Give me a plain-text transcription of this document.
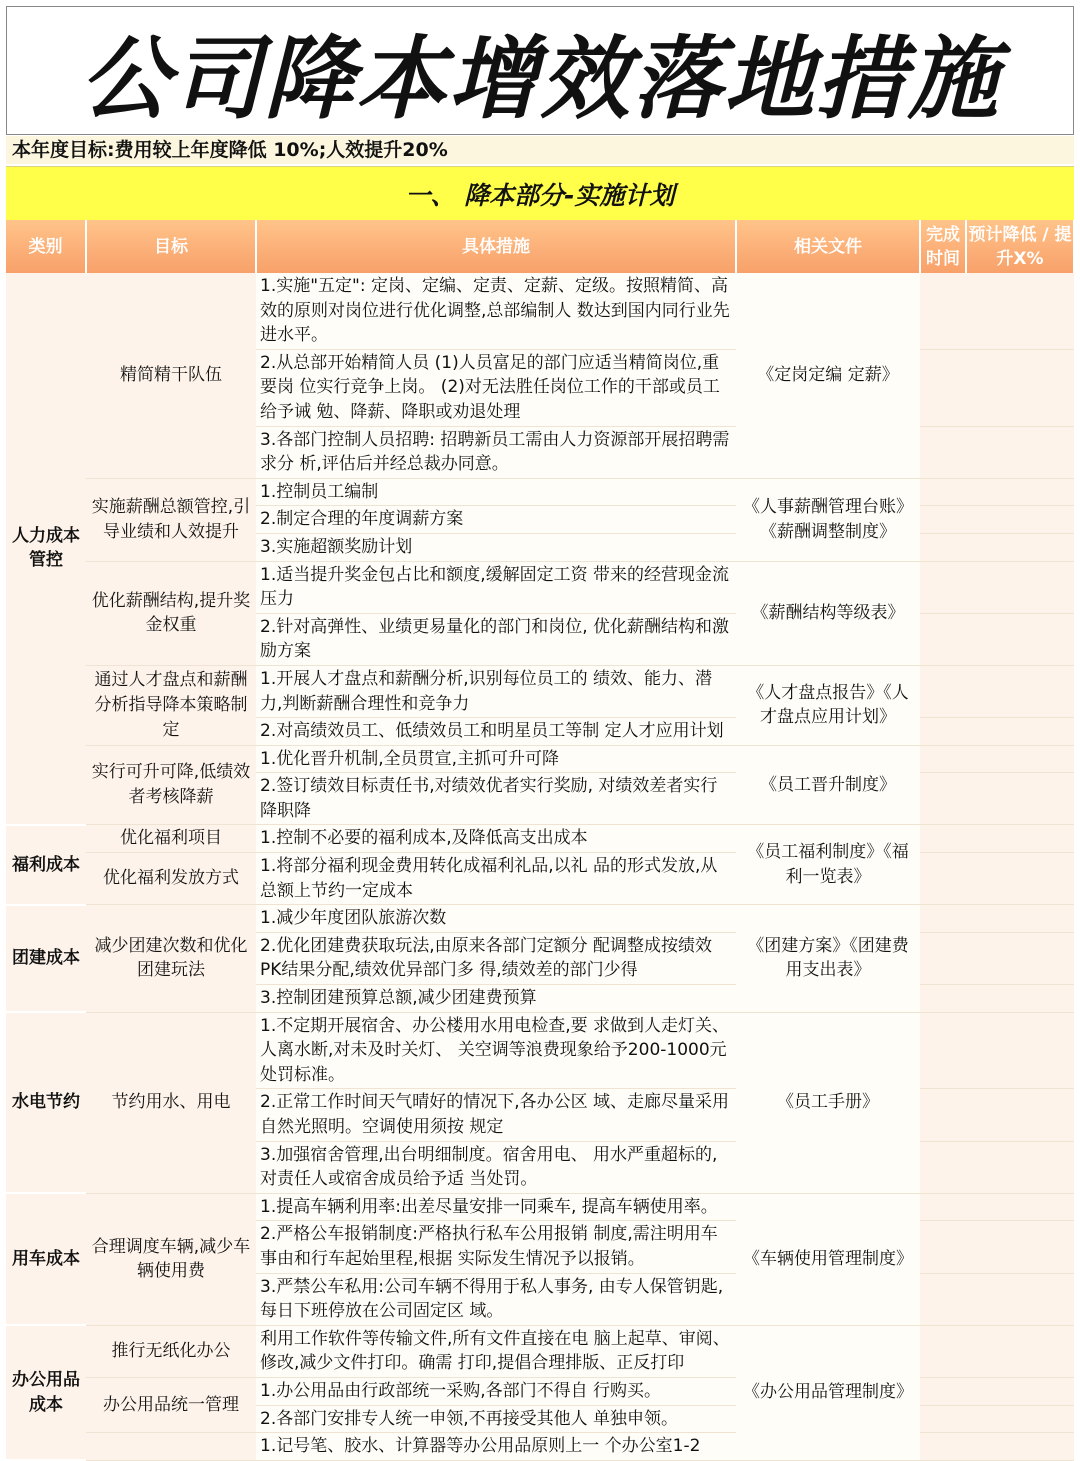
公司降本增效落地措施
本年度目标:费用较上年度降低 10%;人效提升20%
一、 降本部分-实施计划
类别	目标	具体措施	相关文件	完成时间	预计降低 / 提 升X%
人力成本管控	精简精干队伍	1.实施"五定": 定岗、定编、定责、定薪、定级。按照精简、高效的原则对岗位进行优化调整,总部编制人 数达到国内同行业先进水平。	《定岗定编 定薪》		
		2.从总部开始精简人员 (1)人员富足的部门应适当精简岗位,重要岗 位实行竞争上岗。 (2)对无法胜任岗位工作的干部或员工给予诫 勉、降薪、降职或劝退处理			
		3.各部门控制人员招聘: 招聘新员工需由人力资源部开展招聘需求分 析,评估后并经总裁办同意。			
	实施薪酬总额管控,引导业绩和人效提升	1.控制员工编制	《人事薪酬管理台账》《薪酬调整制度》		
		2.制定合理的年度调薪方案			
		3.实施超额奖励计划			
	优化薪酬结构,提升奖金权重	1.适当提升奖金包占比和额度,缓解固定工资 带来的经营现金流压力	《薪酬结构等级表》		
		2.针对高弹性、业绩更易量化的部门和岗位, 优化薪酬结构和激励方案			
	通过人才盘点和薪酬分析指导降本策略制定	1.开展人才盘点和薪酬分析,识别每位员工的 绩效、能力、潜力,判断薪酬合理性和竞争力	《人才盘点报告》《人才盘点应用计划》		
		2.对高绩效员工、低绩效员工和明星员工等制 定人才应用计划			
	实行可升可降,低绩效者考核降薪	1.优化晋升机制,全员贯宣,主抓可升可降	《员工晋升制度》		
		2.签订绩效目标责任书,对绩效优者实行奖励, 对绩效差者实行降职降			
福利成本	优化福利项目	1.控制不必要的福利成本,及降低高支出成本	《员工福利制度》《福利一览表》		
	优化福利发放方式	1.将部分福利现金费用转化成福利礼品,以礼 品的形式发放,从总额上节约一定成本			
团建成本	减少团建次数和优化团建玩法	1.减少年度团队旅游次数	《团建方案》《团建费用支出表》		
		2.优化团建费获取玩法,由原来各部门定额分 配调整成按绩效PK结果分配,绩效优异部门多 得,绩效差的部门少得			
		3.控制团建预算总额,减少团建费预算			
水电节约	节约用水、用电	1.不定期开展宿舍、办公楼用水用电检查,要 求做到人走灯关、人离水断,对未及时关灯、 关空调等浪费现象给予200-1000元处罚标准。	《员工手册》		
		2.正常工作时间天气晴好的情况下,各办公区 域、走廊尽量采用自然光照明。空调使用须按 规定			
		3.加强宿舍管理,出台明细制度。宿舍用电、 用水严重超标的,对责任人或宿舍成员给予适 当处罚。			
用车成本	合理调度车辆,减少车辆使用费	1.提高车辆利用率:出差尽量安排一同乘车, 提高车辆使用率。	《车辆使用管理制度》		
		2.严格公车报销制度:严格执行私车公用报销 制度,需注明用车事由和行车起始里程,根据 实际发生情况予以报销。			
		3.严禁公车私用:公司车辆不得用于私人事务, 由专人保管钥匙,每日下班停放在公司固定区 域。			
办公用品成本	推行无纸化办公	利用工作软件等传输文件,所有文件直接在电 脑上起草、审阅、修改,减少文件打印。确需 打印,提倡合理排版、正反打印	《办公用品管理制度》		
	办公用品统一管理	1.办公用品由行政部统一采购,各部门不得自 行购买。			
		2.各部门安排专人统一申领,不再接受其他人 单独申领。			
		1.记号笔、胶水、计算器等办公用品原则上一 个办公室1-2			
